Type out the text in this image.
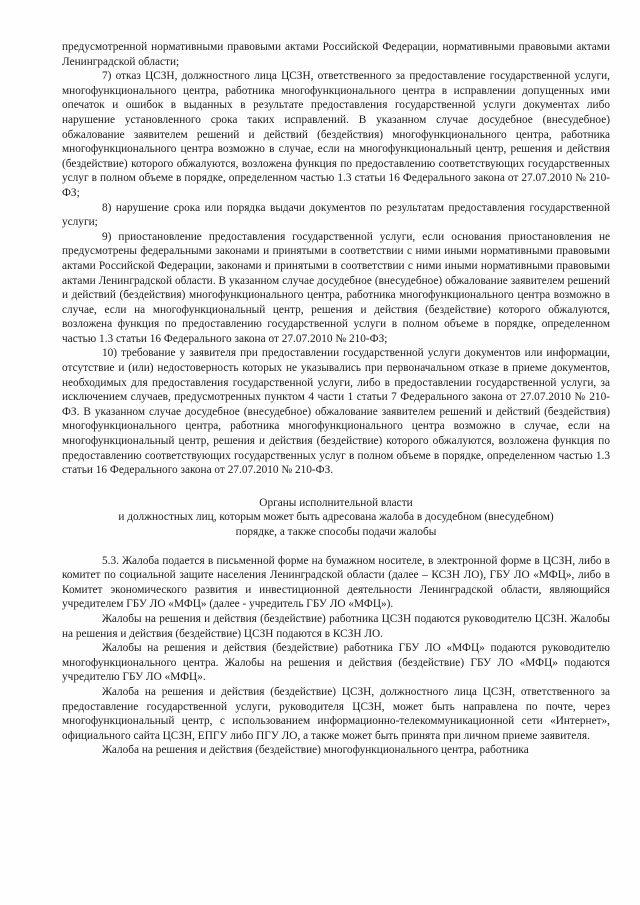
предусмотренной нормативными правовыми актами Российской Федерации, нормативными правовыми актами Ленинградской области;

7) отказ ЦСЗН, должностного лица ЦСЗН, ответственного за предоставление государственной услуги, многофункционального центра, работника многофункционального центра в исправлении допущенных ими опечаток и ошибок в выданных в результате предоставления государственной услуги документах либо нарушение установленного срока таких исправлений. В указанном случае досудебное (внесудебное) обжалование заявителем решений и действий (бездействия) многофункционального центра, работника многофункционального центра возможно в случае, если на многофункциональный центр, решения и действия (бездействие) которого обжалуются, возложена функция по предоставлению соответствующих государственных услуг в полном объеме в порядке, определенном частью 1.3 статьи 16 Федерального закона от 27.07.2010 № 210-ФЗ;

8) нарушение срока или порядка выдачи документов по результатам предоставления государственной услуги;

9) приостановление предоставления государственной услуги, если основания приостановления не предусмотрены федеральными законами и принятыми в соответствии с ними иными нормативными правовыми актами Российской Федерации, законами и принятыми в соответствии с ними иными нормативными правовыми актами Ленинградской области. В указанном случае досудебное (внесудебное) обжалование заявителем решений и действий (бездействия) многофункционального центра, работника многофункционального центра возможно в случае, если на многофункциональный центр, решения и действия (бездействие) которого обжалуются, возложена функция по предоставлению государственной услуги в полном объеме в порядке, определенном частью 1.3 статьи 16 Федерального закона от 27.07.2010 № 210-ФЗ;

10) требование у заявителя при предоставлении государственной услуги документов или информации, отсутствие и (или) недостоверность которых не указывались при первоначальном отказе в приеме документов, необходимых для предоставления государственной услуги, либо в предоставлении государственной услуги, за исключением случаев, предусмотренных пунктом 4 части 1 статьи 7 Федерального закона от 27.07.2010 № 210-ФЗ. В указанном случае досудебное (внесудебное) обжалование заявителем решений и действий (бездействия) многофункционального центра, работника многофункционального центра возможно в случае, если на многофункциональный центр, решения и действия (бездействие) которого обжалуются, возложена функция по предоставлению соответствующих государственных услуг в полном объеме в порядке, определенном частью 1.3 статьи 16 Федерального закона от 27.07.2010 № 210-ФЗ.

Органы исполнительной власти
и должностных лиц, которым может быть адресована жалоба в досудебном (внесудебном)
порядке, а также способы подачи жалобы

5.3. Жалоба подается в письменной форме на бумажном носителе, в электронной форме в ЦСЗН, либо в комитет по социальной защите населения Ленинградской области (далее – КСЗН ЛО), ГБУ ЛО «МФЦ», либо в Комитет экономического развития и инвестиционной деятельности Ленинградской области, являющийся учредителем ГБУ ЛО «МФЦ» (далее - учредитель ГБУ ЛО «МФЦ»).

Жалобы на решения и действия (бездействие) работника ЦСЗН подаются руководителю ЦСЗН. Жалобы на решения и действия (бездействие) ЦСЗН подаются в КСЗН ЛО.

Жалобы на решения и действия (бездействие) работника ГБУ ЛО «МФЦ» подаются руководителю многофункционального центра. Жалобы на решения и действия (бездействие) ГБУ ЛО «МФЦ» подаются учредителю ГБУ ЛО «МФЦ».

Жалоба на решения и действия (бездействие) ЦСЗН, должностного лица ЦСЗН, ответственного за предоставление государственной услуги, руководителя ЦСЗН, может быть направлена по почте, через многофункциональный центр, с использованием информационно-телекоммуникационной сети «Интернет», официального сайта ЦСЗН, ЕПГУ либо ПГУ ЛО, а также может быть принята при личном приеме заявителя.

Жалоба на решения и действия (бездействие) многофункционального центра, работника
